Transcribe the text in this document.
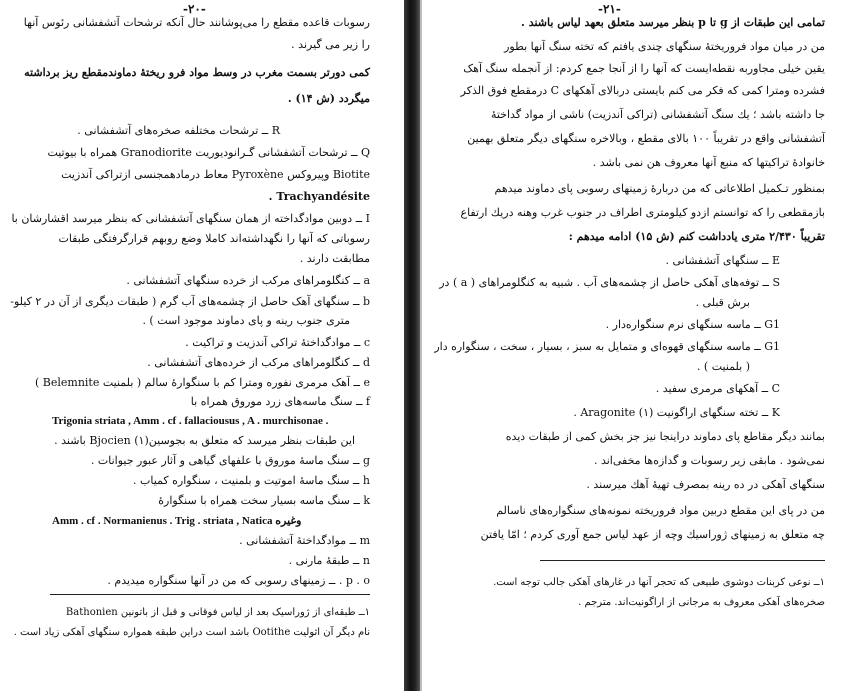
-۲۰-
رسوبات قاعده مقطع را می‌پوشانند حال آنکه ترشحات آتشفشانی رئوس آنها
را زیر می گیرند .
کمی دورتر بسمت مغرب در وسط مواد فرو ریختهٔ دماوندمقطع ریز برداشته
میگردد (ش ۱۴) .
R ــ ترشحات مختلفه صخره‌های آتشفشانی .
Q ــ ترشحات آتشفشانی گـرانودیوریت Granodiorite همراه با بیوتیت
Biotite وپیروکس Pyroxène معاط درمادهمجنسی ازتراکی آندزیت
Trachyandésite .
I ــ دوبین موادگداخته از همان سنگهای آتشفشانی که بنظر میرسد اقشارشان با
رسوباتی که آنها را نگهداشته‌اند کاملا وضع روبهم قرارگرفتگی طبقات
مطابقت دارند .
a ــ کنگلومراهای مرکب از خرده سنگهای آتشفشانی .
b ــ سنگهای آهک حاصل از چشمه‌های آب گرم ( طبقات دیگری از آن در ۲ کیلو-
متری جنوب رینه و پای دماوند موجود است ) .
c ــ موادگداختهٔ تراکی آندزیت و تراکیت .
d ــ کنگلومراهای مرکب از خرده‌های آتشفشانی .
e ــ آهک مرمری نفوره ومترا کم با سنگوارهٔ سالم ( بلمنیت Belemnite )
f ــ سنگ ماسه‌های زرد موروق همراه با
Trigonia striata , Amm . cf . fallaciousus , A . murchisonae .
این طبقات بنظر میرسد که متعلق به بجوسین(۱) Bjocien باشند .
g ــ سنگ ماسهٔ موروق با علفهای گیاهی و آثار عبور جیوانات .
h ــ سنگ ماسهٔ اموتیت و بلمنیت ، سنگواره کمیاب .
k ــ سنگ ماسه بسیار سخت همراه با سنگوارهٔ
Amm . cf . Normanienus . Trig . striata , Natica وغیره
m ــ موادگداختهٔ آتشفشانی .
n ــ طبقهٔ مارنی .
p . o . ــ زمینهای رسوبی که من در آنها سنگواره میدیدم .
۱ــ طبقه‌ای از ژوراسیک بعد از لیاس فوقانی و قبل از باتونین Bathonien
نام دیگر آن اثولیت Ootithe باشد است دراین طبقه همواره سنگهای آهکی زیاد است .
-۲۱-
تمامی این طبقات از g تا p بنظر میرسد متعلق بعهد لیاس باشند .
من در میان مواد فروریختهٔ سنگهای چندی یافتم که تخته سنگ آنها بطور
یقین خیلی مجاوربه نقطه‌ایست که آنها را از آنجا جمع کردم: از آنجمله سنگ آهک
فشرده ومترا کمی که فکر می کنم بایستی دربالای آهکهای C درمقطع فوق الذکر
جا داشته باشد ؛ یك سنگ آتشفشانی (تراکی آندزیت) ناشی از مواد گداختهٔ
آتشفشانی واقع در تقریباً ۱۰۰ بالای مقطع ، وبالاخره سنگهای دیگر متعلق بهمین
خانوادهٔ تراکیتها که منبع آنها معروف هن نمی باشد .
بمنظور تـکمیل اطلاعاتی که من دربارهٔ زمینهای رسوبی پای دماوند میدهم
بازمقطعی را که توانستم ازدو کیلومتری اطراف در جنوب غرب وهنه دریك ارتفاع
تقریباً ۲/۴۳۰ متری یادداشت کنم (ش ۱۵) ادامه میدهم :
E ــ سنگهای آتشفشانی .
S ــ توفه‌های آهکی حاصل از چشمه‌های آب . شبیه به کنگلومراهای ( a ) در
برش قبلی .
G1 ــ ماسه سنگهای نرم سنگواره‌دار .
G1 ــ ماسه سنگهای قهوه‌ای و متمایل به سبز ، بسیار ، سخت ، سنگواره دار
( بلمنیت ) .
C ــ آهکهای مرمری سفید .
K ــ تخته سنگهای اراگونیت (۱) Aragonite .
بمانند دیگر مقاطع پای دماوند دراینجا نیز جز بخش کمی از طبقات دیده
نمی‌شود . مابقی زیر رسوبات و گدازه‌ها مخفی‌اند .
سنگهای آهکی در ده رینه بمصرف تهیهٔ آهك میرسند .
من در پای این مقطع دربین مواد فروریخته نمونه‌های سنگواره‌های ناسالم
چه متعلق به زمینهای ژوراسیك وچه از عهد لیاس جمع آوری کردم ؛ امّا یافتن
۱ــ نوعی کربنات دوشوی طبیعی که تحجر آنها در غارهای آهکی جالب توجه است.
صخره‌های آهکی معروف به مرجانی از اراگونیت‌اند. مترجم .
